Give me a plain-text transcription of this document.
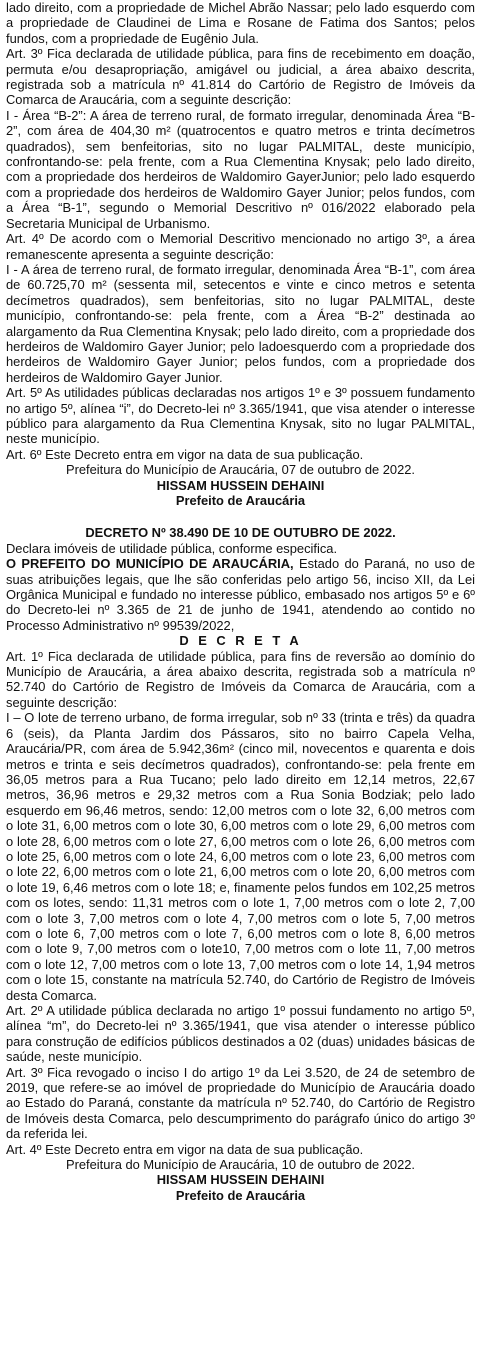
lado direito, com a propriedade de Michel Abrão Nassar; pelo lado esquerdo com a propriedade de Claudinei de Lima e Rosane de Fatima dos Santos; pelos fundos, com a propriedade de Eugênio Jula.

Art. 3º Fica declarada de utilidade pública, para fins de recebimento em doação, permuta e/ou desapropriação, amigável ou judicial, a área abaixo descrita, registrada sob a matrícula nº 41.814 do Cartório de Registro de Imóveis da Comarca de Araucária, com a seguinte descrição:

I - Área “B-2”: A área de terreno rural, de formato irregular, denominada Área “B-2”, com área de 404,30 m² (quatrocentos e quatro metros e trinta decímetros quadrados), sem benfeitorias, sito no lugar PALMITAL, deste município, confrontando-se: pela frente, com a Rua Clementina Knysak; pelo lado direito, com a propriedade dos herdeiros de Waldomiro GayerJunior; pelo lado esquerdo com a propriedade dos herdeiros de Waldomiro Gayer Junior; pelos fundos, com a Área “B-1”, segundo o Memorial Descritivo nº 016/2022 elaborado pela Secretaria Municipal de Urbanismo.

Art. 4º De acordo com o Memorial Descritivo mencionado no artigo 3º, a área remanescente apresenta a seguinte descrição:

I - A área de terreno rural, de formato irregular, denominada Área “B-1”, com área de 60.725,70 m² (sessenta mil, setecentos e vinte e cinco metros e setenta decímetros quadrados), sem benfeitorias, sito no lugar PALMITAL, deste município, confrontando-se: pela frente, com a Área “B-2” destinada ao alargamento da Rua Clementina Knysak; pelo lado direito, com a propriedade dos herdeiros de Waldomiro Gayer Junior; pelo ladoesquerdo com a propriedade dos herdeiros de Waldomiro Gayer Junior; pelos fundos, com a propriedade dos herdeiros de Waldomiro Gayer Junior.

Art. 5º As utilidades públicas declaradas nos artigos 1º e 3º possuem fundamento no artigo 5º, alínea “i”, do Decreto-lei nº 3.365/1941, que visa atender o interesse público para alargamento da Rua Clementina Knysak, sito no lugar PALMITAL, neste município.

Art. 6º Este Decreto entra em vigor na data de sua publicação.

Prefeitura do Município de Araucária, 07 de outubro de 2022.

HISSAM HUSSEIN DEHAINI

Prefeito de Araucária

DECRETO Nº 38.490 DE 10 DE OUTUBRO DE 2022.

Declara imóveis de utilidade pública, conforme especifica.

O PREFEITO DO MUNICÍPIO DE ARAUCÁRIA, Estado do Paraná, no uso de suas atribuições legais, que lhe são conferidas pelo artigo 56, inciso XII, da Lei Orgânica Municipal e fundado no interesse público, embasado nos artigos 5º e 6º do Decreto-lei nº 3.365 de 21 de junho de 1941, atendendo ao contido no Processo Administrativo nº 99539/2022,

D E C R E T A

Art. 1º Fica declarada de utilidade pública, para fins de reversão ao domínio do Município de Araucária, a área abaixo descrita, registrada sob a matrícula nº 52.740 do Cartório de Registro de Imóveis da Comarca de Araucária, com a seguinte descrição:

I – O lote de terreno urbano, de forma irregular, sob nº 33 (trinta e três) da quadra 6 (seis), da Planta Jardim dos Pássaros, sito no bairro Capela Velha, Araucária/PR, com área de 5.942,36m² (cinco mil, novecentos e quarenta e dois metros e trinta e seis decímetros quadrados), confrontando-se: pela frente em 36,05 metros para a Rua Tucano; pelo lado direito em 12,14 metros, 22,67 metros, 36,96 metros e 29,32 metros com a Rua Sonia Bodziak; pelo lado esquerdo em 96,46 metros, sendo: 12,00 metros com o lote 32, 6,00 metros com o lote 31, 6,00 metros com o lote 30, 6,00 metros com o lote 29, 6,00 metros com o lote 28, 6,00 metros com o lote 27, 6,00 metros com o lote 26, 6,00 metros com o lote 25, 6,00 metros com o lote 24, 6,00 metros com o lote 23, 6,00 metros com o lote 22, 6,00 metros com o lote 21, 6,00 metros com o lote 20, 6,00 metros com o lote 19, 6,46 metros com o lote 18; e, finamente pelos fundos em 102,25 metros com os lotes, sendo: 11,31 metros com o lote 1, 7,00 metros com o lote 2, 7,00 com o lote 3, 7,00 metros com o lote 4, 7,00 metros com o lote 5, 7,00 metros com o lote 6, 7,00 metros com o lote 7, 6,00 metros com o lote 8, 6,00 metros com o lote 9, 7,00 metros com o lote10, 7,00 metros com o lote 11, 7,00 metros com o lote 12, 7,00 metros com o lote 13, 7,00 metros com o lote 14, 1,94 metros com o lote 15, constante na matrícula 52.740, do Cartório de Registro de Imóveis desta Comarca.

Art. 2º A utilidade pública declarada no artigo 1º possui fundamento no artigo 5º, alínea “m”, do Decreto-lei nº 3.365/1941, que visa atender o interesse público para construção de edifícios públicos destinados a 02 (duas) unidades básicas de saúde, neste município.

Art. 3º Fica revogado o inciso I do artigo 1º da Lei 3.520, de 24 de setembro de 2019, que refere-se ao imóvel de propriedade do Município de Araucária doado ao Estado do Paraná, constante da matrícula nº 52.740, do Cartório de Registro de Imóveis desta Comarca, pelo descumprimento do parágrafo único do artigo 3º da referida lei.

Art. 4º Este Decreto entra em vigor na data de sua publicação.

Prefeitura do Município de Araucária, 10 de outubro de 2022.

HISSAM HUSSEIN DEHAINI

Prefeito de Araucária
